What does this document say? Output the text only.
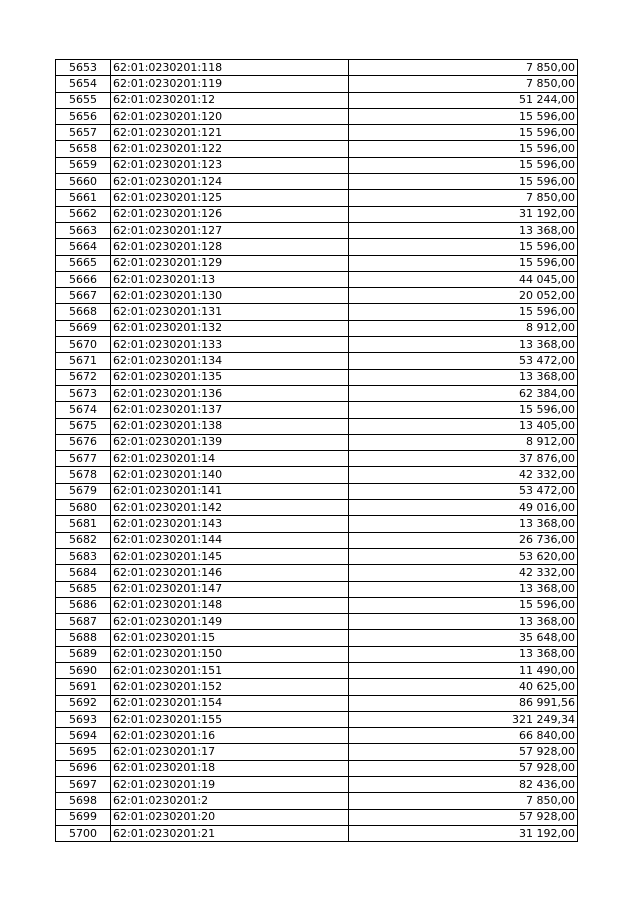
5653	62:01:0230201:118	7 850,00
5654	62:01:0230201:119	7 850,00
5655	62:01:0230201:12	51 244,00
5656	62:01:0230201:120	15 596,00
5657	62:01:0230201:121	15 596,00
5658	62:01:0230201:122	15 596,00
5659	62:01:0230201:123	15 596,00
5660	62:01:0230201:124	15 596,00
5661	62:01:0230201:125	7 850,00
5662	62:01:0230201:126	31 192,00
5663	62:01:0230201:127	13 368,00
5664	62:01:0230201:128	15 596,00
5665	62:01:0230201:129	15 596,00
5666	62:01:0230201:13	44 045,00
5667	62:01:0230201:130	20 052,00
5668	62:01:0230201:131	15 596,00
5669	62:01:0230201:132	8 912,00
5670	62:01:0230201:133	13 368,00
5671	62:01:0230201:134	53 472,00
5672	62:01:0230201:135	13 368,00
5673	62:01:0230201:136	62 384,00
5674	62:01:0230201:137	15 596,00
5675	62:01:0230201:138	13 405,00
5676	62:01:0230201:139	8 912,00
5677	62:01:0230201:14	37 876,00
5678	62:01:0230201:140	42 332,00
5679	62:01:0230201:141	53 472,00
5680	62:01:0230201:142	49 016,00
5681	62:01:0230201:143	13 368,00
5682	62:01:0230201:144	26 736,00
5683	62:01:0230201:145	53 620,00
5684	62:01:0230201:146	42 332,00
5685	62:01:0230201:147	13 368,00
5686	62:01:0230201:148	15 596,00
5687	62:01:0230201:149	13 368,00
5688	62:01:0230201:15	35 648,00
5689	62:01:0230201:150	13 368,00
5690	62:01:0230201:151	11 490,00
5691	62:01:0230201:152	40 625,00
5692	62:01:0230201:154	86 991,56
5693	62:01:0230201:155	321 249,34
5694	62:01:0230201:16	66 840,00
5695	62:01:0230201:17	57 928,00
5696	62:01:0230201:18	57 928,00
5697	62:01:0230201:19	82 436,00
5698	62:01:0230201:2	7 850,00
5699	62:01:0230201:20	57 928,00
5700	62:01:0230201:21	31 192,00
